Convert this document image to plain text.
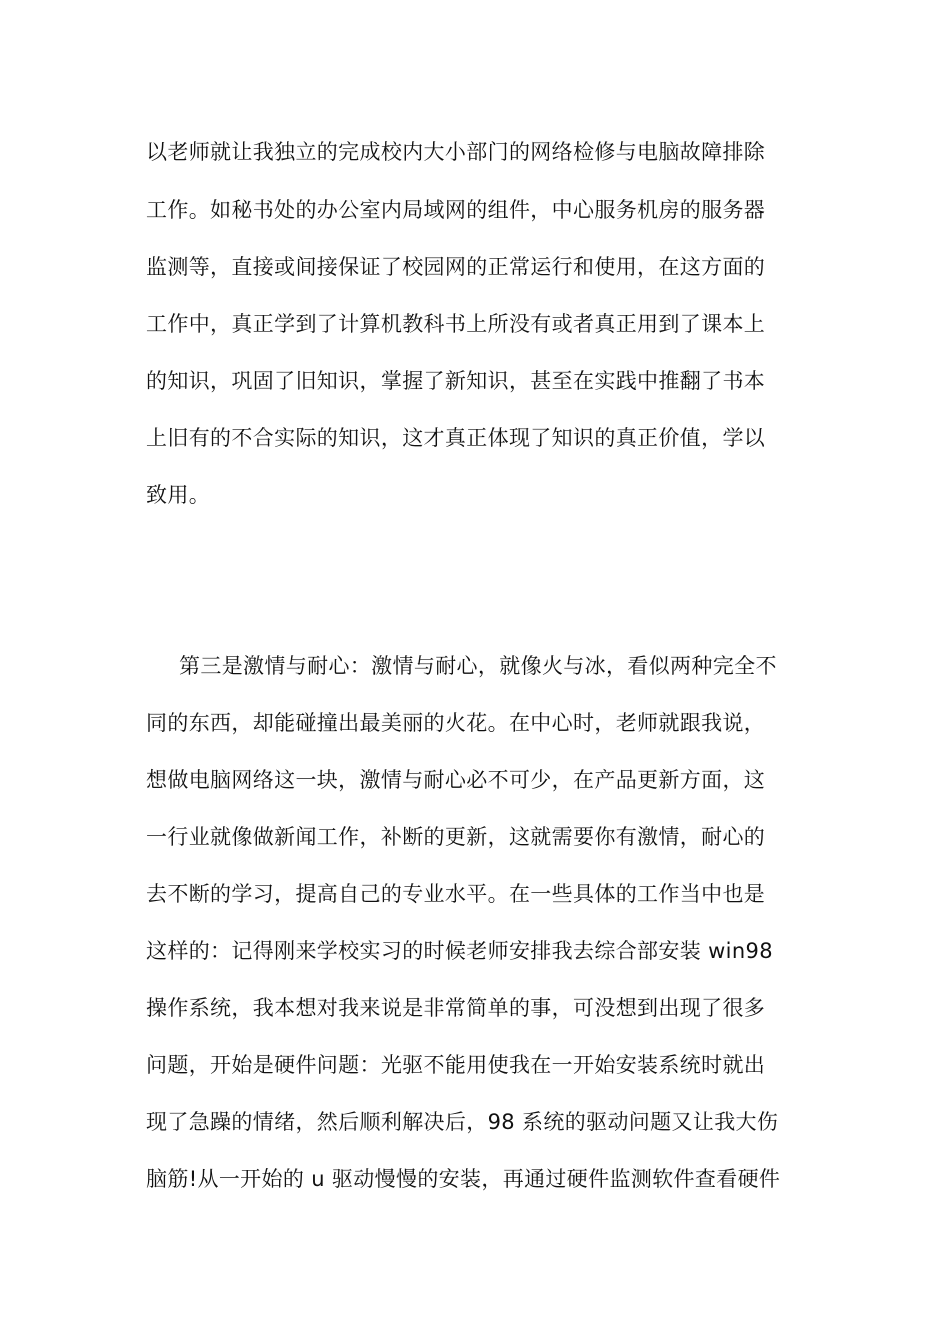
以老师就让我独立的完成校内大小部门的网络检修与电脑故障排除
工作。如秘书处的办公室内局域网的组件，中心服务机房的服务器
监测等，直接或间接保证了校园网的正常运行和使用，在这方面的
工作中，真正学到了计算机教科书上所没有或者真正用到了课本上
的知识，巩固了旧知识，掌握了新知识，甚至在实践中推翻了书本
上旧有的不合实际的知识，这才真正体现了知识的真正价值，学以
致用。
第三是激情与耐心：激情与耐心，就像火与冰，看似两种完全不
同的东西，却能碰撞出最美丽的火花。在中心时，老师就跟我说，
想做电脑网络这一块，激情与耐心必不可少，在产品更新方面，这
一行业就像做新闻工作，补断的更新，这就需要你有激情，耐心的
去不断的学习，提高自己的专业水平。在一些具体的工作当中也是
这样的：记得刚来学校实习的时候老师安排我去综合部安装 win98
操作系统，我本想对我来说是非常简单的事，可没想到出现了很多
问题，开始是硬件问题：光驱不能用使我在一开始安装系统时就出
现了急躁的情绪，然后顺利解决后，98 系统的驱动问题又让我大伤
脑筋!从一开始的 u 驱动慢慢的安装，再通过硬件监测软件查看硬件
